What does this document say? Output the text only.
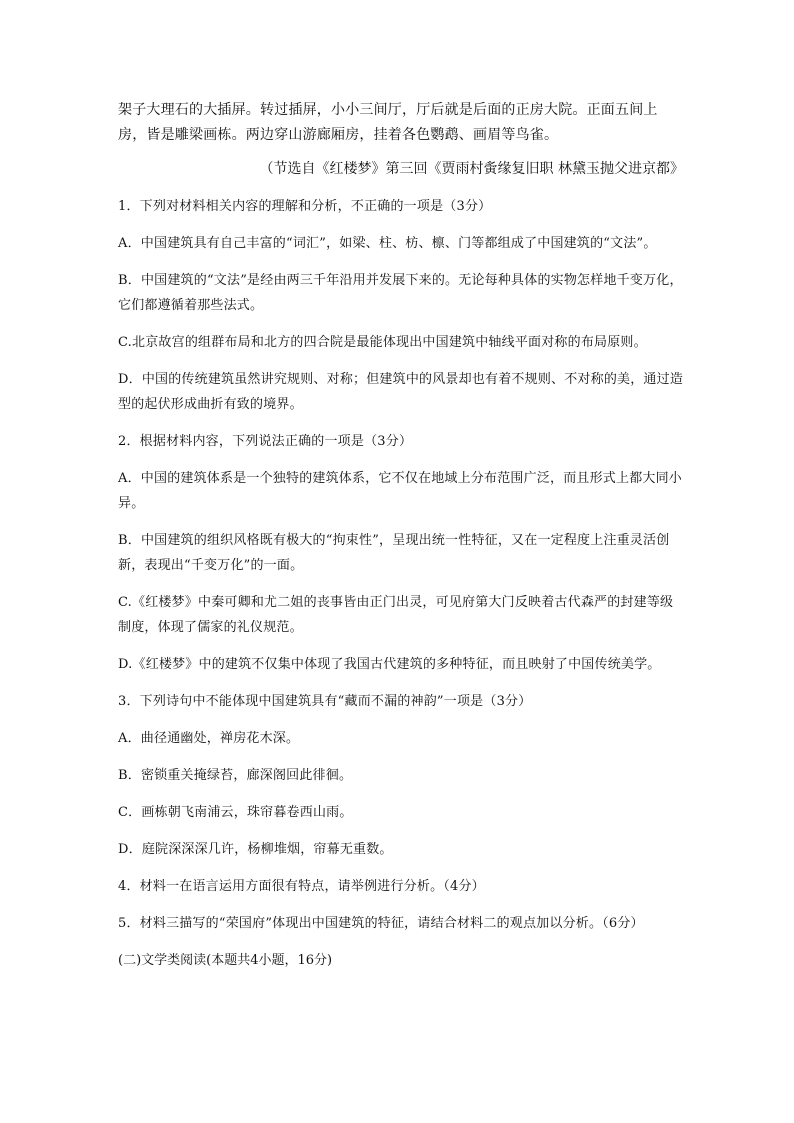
架子大理石的大插屏。转过插屏，小小三间厅，厅后就是后面的正房大院。正面五间上房，皆是雕梁画栋。两边穿山游廊厢房，挂着各色鹦鹉、画眉等鸟雀。

（节选自《红楼梦》第三回《贾雨村夤缘复旧职 林黛玉抛父进京都》

1．下列对材料相关内容的理解和分析，不正确的一项是（3分）

A．中国建筑具有自己丰富的“词汇”，如梁、柱、枋、檩、门等都组成了中国建筑的“文法”。

B．中国建筑的“文法”是经由两三千年沿用并发展下来的。无论每种具体的实物怎样地千变万化，它们都遵循着那些法式。

C.北京故宫的组群布局和北方的四合院是最能体现出中国建筑中轴线平面对称的布局原则。

D．中国的传统建筑虽然讲究规则、对称；但建筑中的风景却也有着不规则、不对称的美，通过造型的起伏形成曲折有致的境界。

2．根据材料内容，下列说法正确的一项是（3分）

A．中国的建筑体系是一个独特的建筑体系，它不仅在地域上分布范围广泛，而且形式上都大同小异。

B．中国建筑的组织风格既有极大的“拘束性”，呈现出统一性特征，又在一定程度上注重灵活创新，表现出“千变万化”的一面。

C.《红楼梦》中秦可卿和尤二姐的丧事皆由正门出灵，可见府第大门反映着古代森严的封建等级制度，体现了儒家的礼仪规范。

D.《红楼梦》中的建筑不仅集中体现了我国古代建筑的多种特征，而且映射了中国传统美学。

3．下列诗句中不能体现中国建筑具有“藏而不漏的神韵”一项是（3分）

A．曲径通幽处，禅房花木深。

B．密锁重关掩绿苔，廊深阁回此徘徊。

C．画栋朝飞南浦云，珠帘暮卷西山雨。

D．庭院深深深几许，杨柳堆烟，帘幕无重数。

4．材料一在语言运用方面很有特点，请举例进行分析。（4分）

5．材料三描写的“荣国府”体现出中国建筑的特征，请结合材料二的观点加以分析。（6分）

(二)文学类阅读(本题共4小题，16分)
